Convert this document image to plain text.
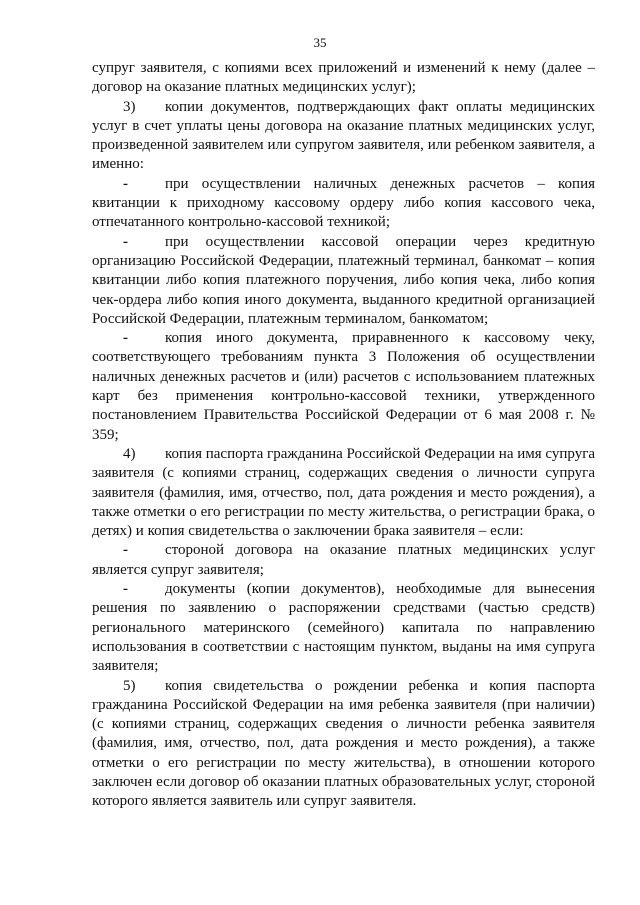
35

супруг заявителя, с копиями всех приложений и изменений к нему (далее – договор на оказание платных медицинских услуг);

3) копии документов, подтверждающих факт оплаты медицинских услуг в счет уплаты цены договора на оказание платных медицинских услуг, произведенной заявителем или супругом заявителя, или ребенком заявителя, а именно:

- при осуществлении наличных денежных расчетов – копия квитанции к приходному кассовому ордеру либо копия кассового чека, отпечатанного контрольно-кассовой техникой;

- при осуществлении кассовой операции через кредитную организацию Российской Федерации, платежный терминал, банкомат – копия квитанции либо копия платежного поручения, либо копия чека, либо копия чек-ордера либо копия иного документа, выданного кредитной организацией Российской Федерации, платежным терминалом, банкоматом;

- копия иного документа, приравненного к кассовому чеку, соответствующего требованиям пункта 3 Положения об осуществлении наличных денежных расчетов и (или) расчетов с использованием платежных карт без применения контрольно-кассовой техники, утвержденного постановлением Правительства Российской Федерации от 6 мая 2008 г. № 359;

4) копия паспорта гражданина Российской Федерации на имя супруга заявителя (с копиями страниц, содержащих сведения о личности супруга заявителя (фамилия, имя, отчество, пол, дата рождения и место рождения), а также отметки о его регистрации по месту жительства, о регистрации брака, о детях) и копия свидетельства о заключении брака заявителя – если:

- стороной договора на оказание платных медицинских услуг является супруг заявителя;

- документы (копии документов), необходимые для вынесения решения по заявлению о распоряжении средствами (частью средств) регионального материнского (семейного) капитала по направлению использования в соответствии с настоящим пунктом, выданы на имя супруга заявителя;

5) копия свидетельства о рождении ребенка и копия паспорта гражданина Российской Федерации на имя ребенка заявителя (при наличии) (с копиями страниц, содержащих сведения о личности ребенка заявителя (фамилия, имя, отчество, пол, дата рождения и место рождения), а также отметки о его регистрации по месту жительства), в отношении которого заключен если договор об оказании платных образовательных услуг, стороной которого является заявитель или супруг заявителя.
